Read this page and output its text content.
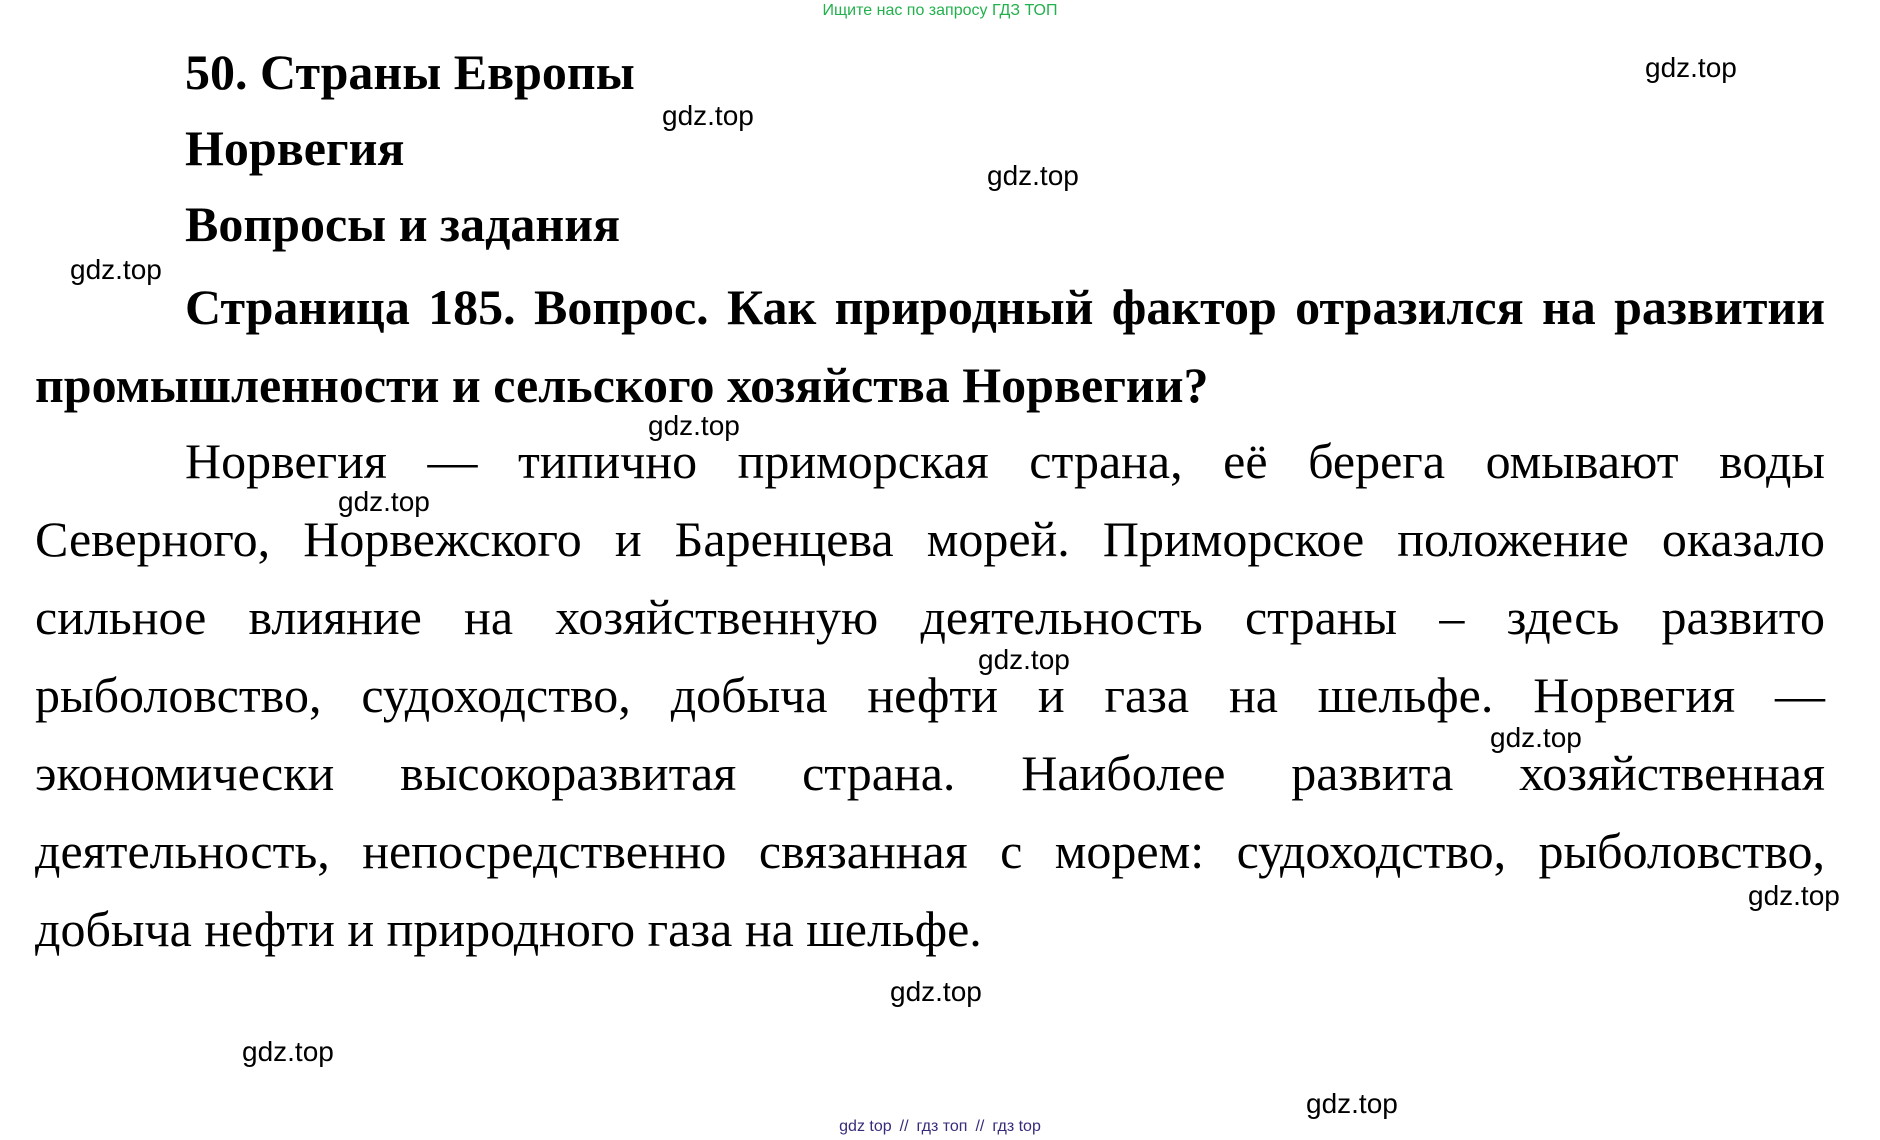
Ищите нас по запросу ГДЗ ТОП
50. Страны Европы
Норвегия
Вопросы и задания
Страница 185. Вопрос. Как природный фактор отразился на развитии промышленности и сельского хозяйства Норвегии?
Норвегия — типично приморская страна, её берега омывают воды Северного, Норвежского и Баренцева морей. Приморское положение оказало сильное влияние на хозяйственную деятельность страны – здесь развито рыболовство, судоходство, добыча нефти и газа на шельфе. Норвегия — экономически высокоразвитая страна. Наиболее развита хозяйственная деятельность, непосредственно связанная с морем: судоходство, рыболовство, добыча нефти и природного газа на шельфе.
gdz.top
gdz.top
gdz.top
gdz.top
gdz.top
gdz.top
gdz.top
gdz.top
gdz.top
gdz.top
gdz.top
gdz.top
gdz top // гдз топ // гдз top
